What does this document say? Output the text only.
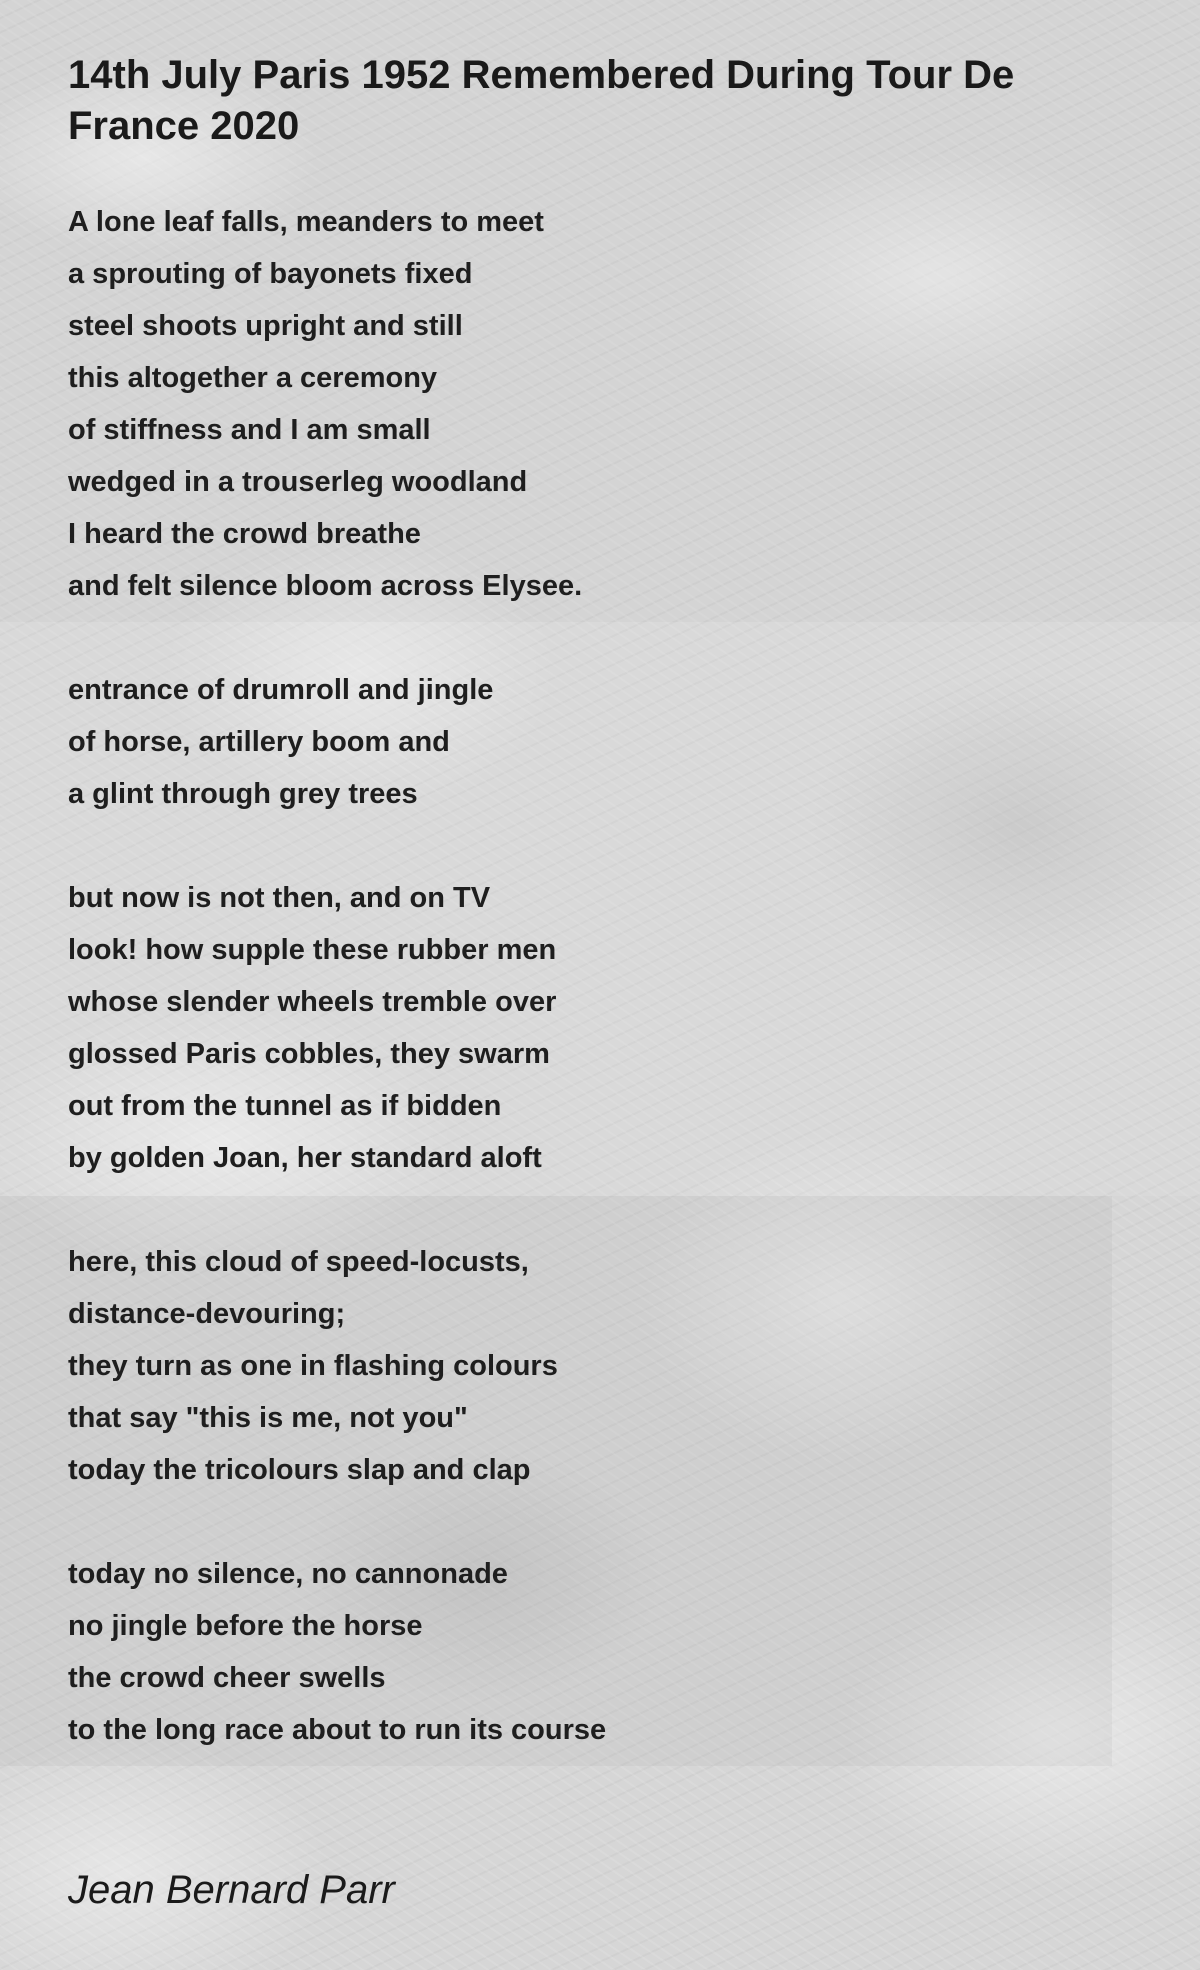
14th July Paris 1952 Remembered During Tour De France 2020
A lone leaf falls, meanders to meet
a sprouting of bayonets fixed
steel shoots upright and still
this altogether a ceremony
of stiffness and I am small
wedged in a trouserleg woodland
I heard the crowd breathe
and felt silence bloom across Elysee.
entrance of drumroll and jingle
of horse, artillery boom and
a glint through grey trees
but now is not then, and on TV
look! how supple these rubber men
whose slender wheels tremble over
glossed Paris cobbles, they swarm
out from the tunnel as if bidden
by golden Joan, her standard aloft
here, this cloud of speed-locusts,
distance-devouring;
they turn as one in flashing colours
that say "this is me, not you"
today the tricolours slap and clap
today no silence, no cannonade
no jingle before the horse
the crowd cheer swells
to the long race about to run its course
Jean Bernard Parr
